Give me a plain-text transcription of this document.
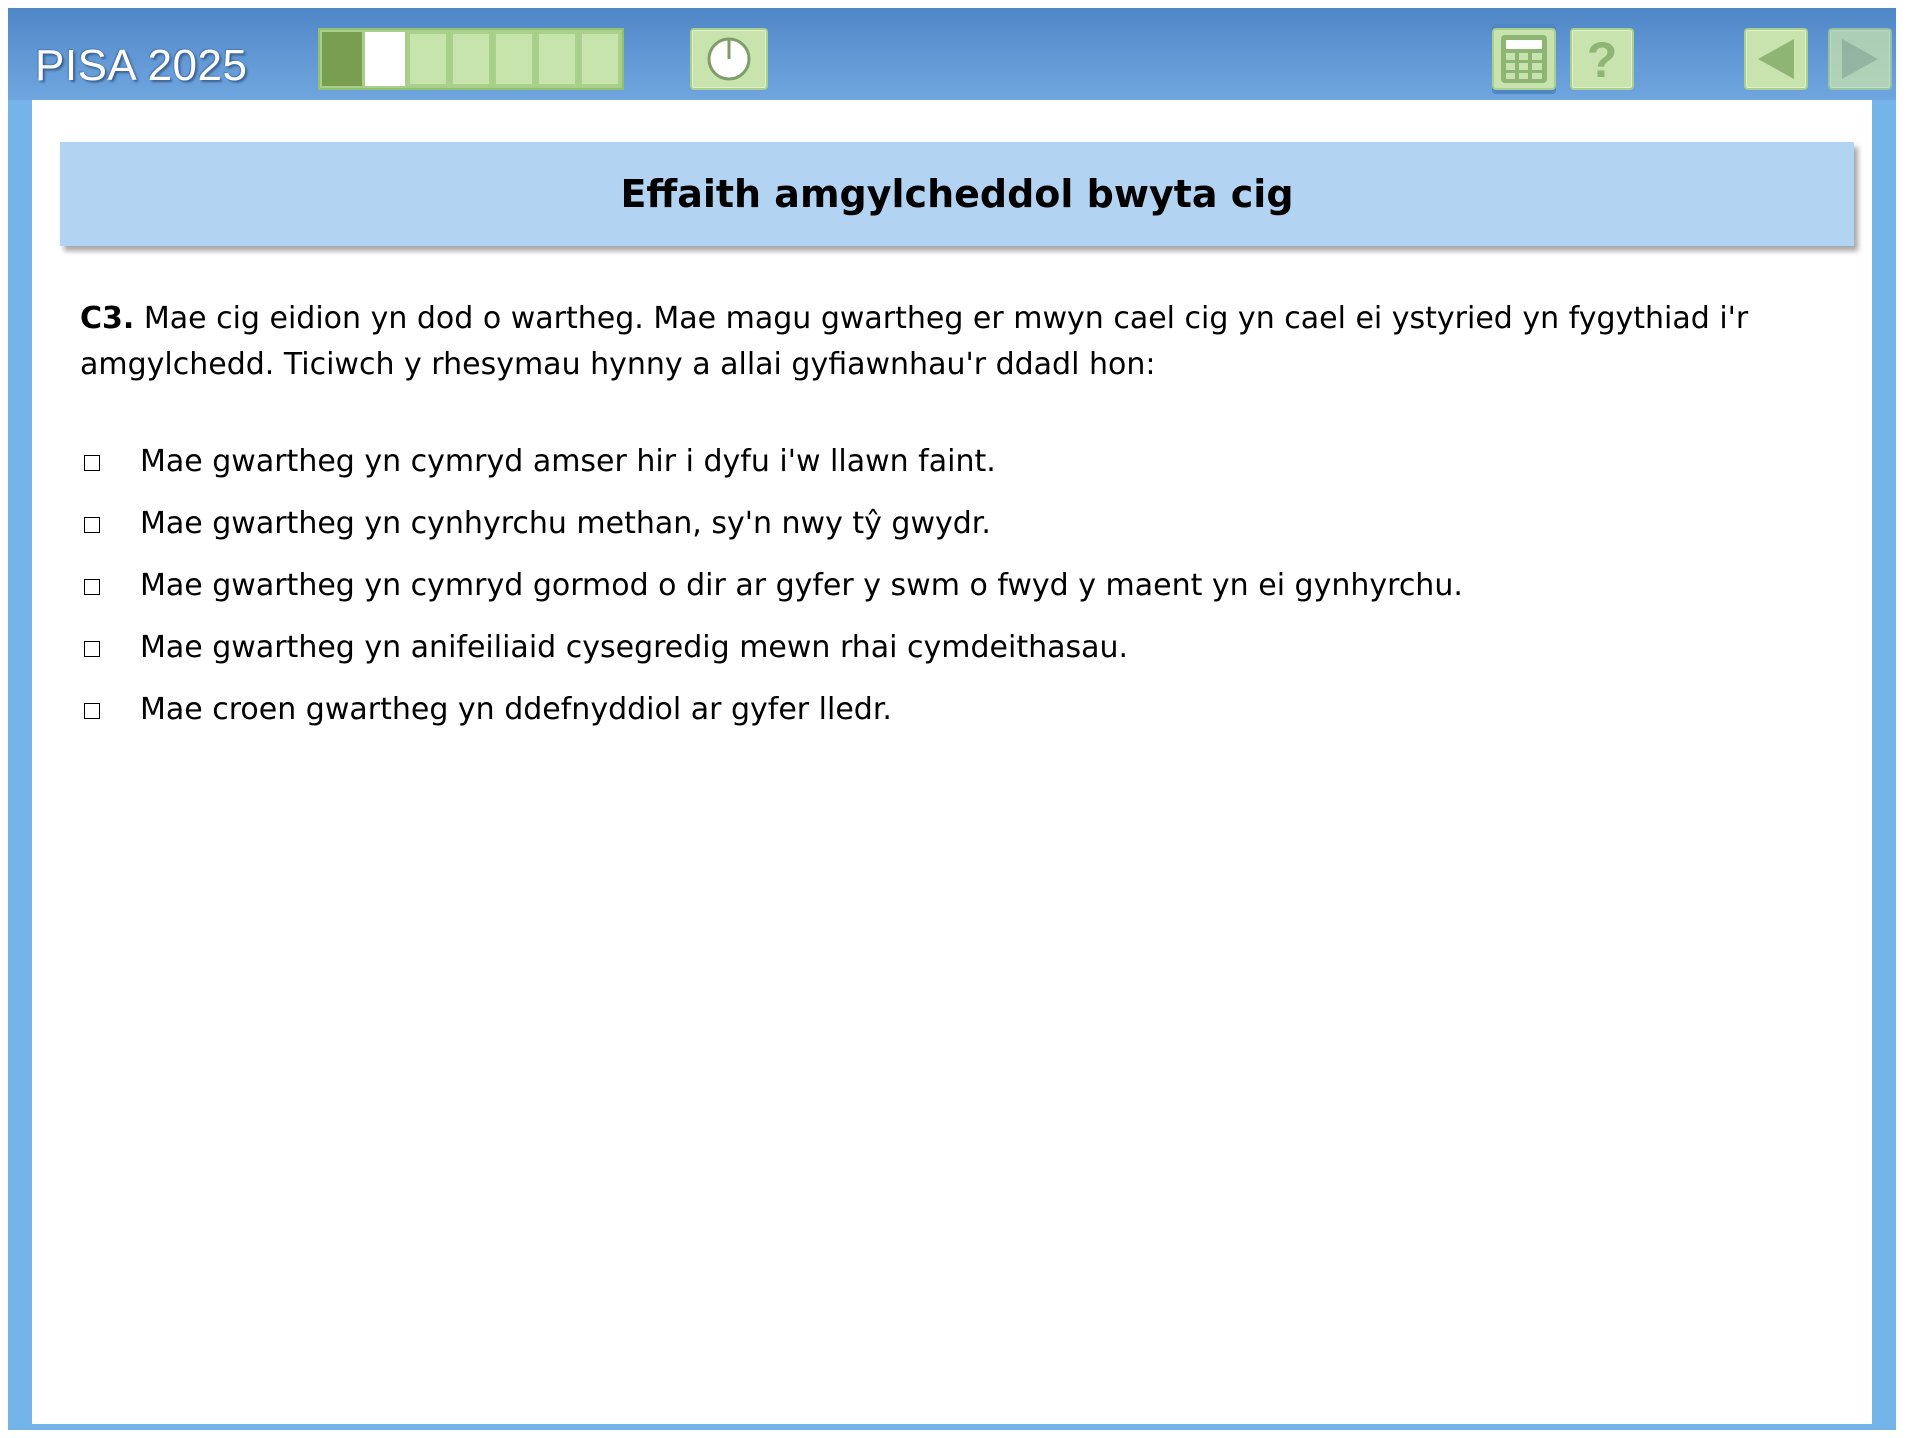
PISA 2025	?
Effaith amgylcheddol bwyta cig
C3. Mae cig eidion yn dod o wartheg. Mae magu gwartheg er mwyn cael cig yn cael ei ystyried yn fygythiad i'r amgylchedd. Ticiwch y rhesymau hynny a allai gyfiawnhau'r ddadl hon:
Mae gwartheg yn cymryd amser hir i dyfu i'w llawn faint.
Mae gwartheg yn cynhyrchu methan, sy'n nwy tŷ gwydr.
Mae gwartheg yn cymryd gormod o dir ar gyfer y swm o fwyd y maent yn ei gynhyrchu.
Mae gwartheg yn anifeiliaid cysegredig mewn rhai cymdeithasau.
Mae croen gwartheg yn ddefnyddiol ar gyfer lledr.
